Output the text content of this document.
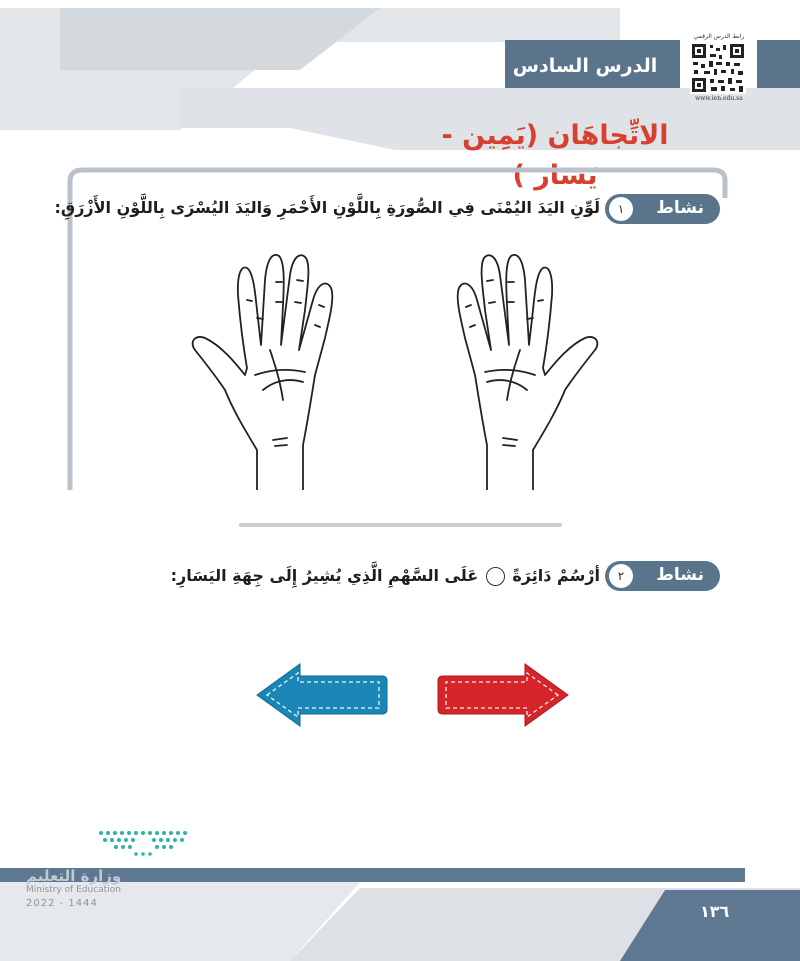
الدرس السادس
رابط الدرس الرقمي
www.ien.edu.sa
الاتِّجاهَان (يَمِين - يَسَار )
نشاط
١
لَوِّنِ اليَدَ اليُمْنَى فِي الصُّورَةِ بِاللَّوْنِ الأَحْمَرِ وَاليَدَ اليُسْرَى بِاللَّوْنِ الأَزْرَقِ:
نشاط
٢
أرْسُمْ دَائِرَةً  عَلَى السَّهْمِ الَّذِي يُشِيرُ إِلَى جِهَةِ اليَسَارِ:
وزارة التعليم
Ministry of Education
2022 - 1444	١٣٦
